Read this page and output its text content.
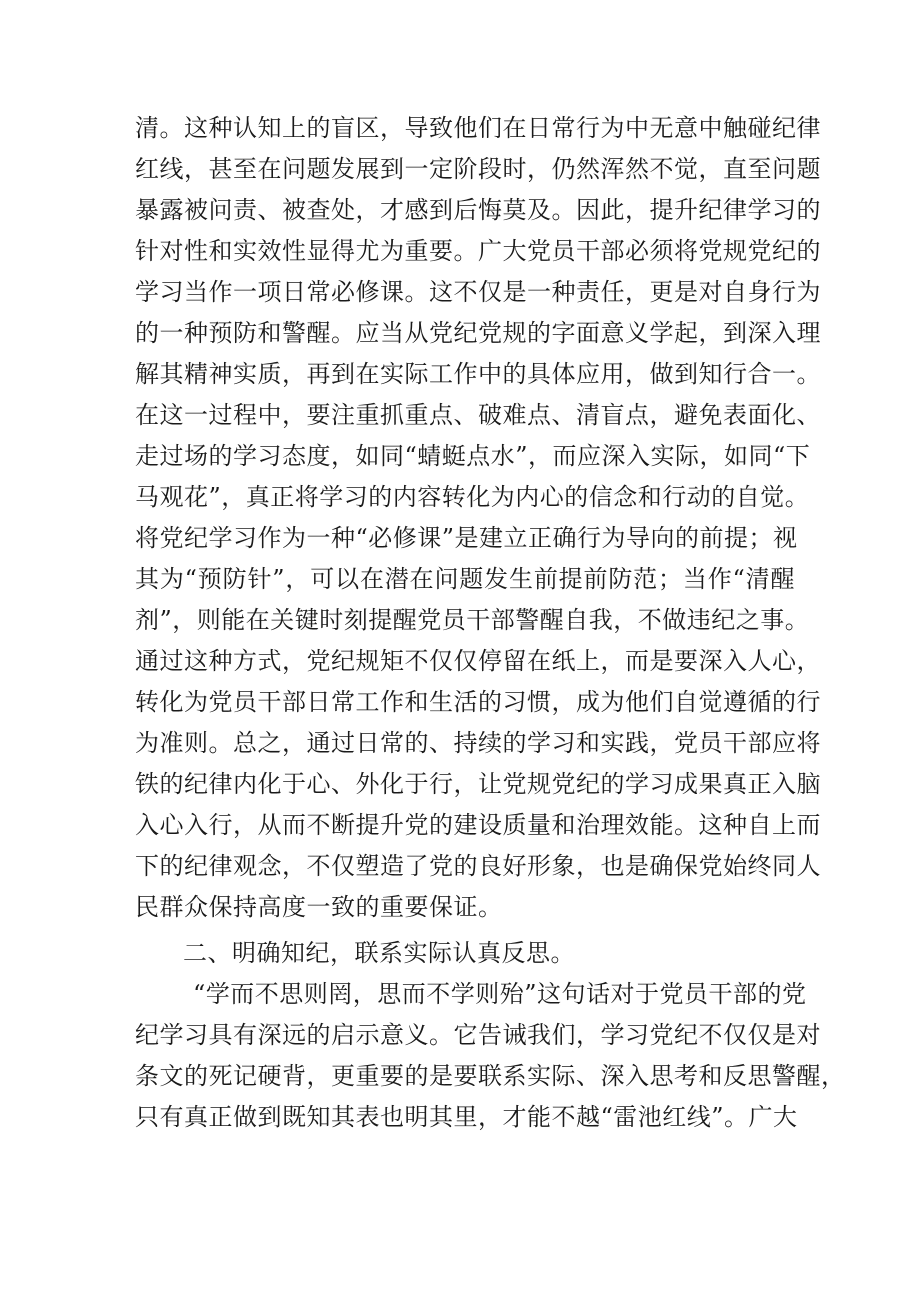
清。这种认知上的盲区，导致他们在日常行为中无意中触碰纪律
红线，甚至在问题发展到一定阶段时，仍然浑然不觉，直至问题
暴露被问责、被查处，才感到后悔莫及。因此，提升纪律学习的
针对性和实效性显得尤为重要。广大党员干部必须将党规党纪的
学习当作一项日常必修课。这不仅是一种责任，更是对自身行为
的一种预防和警醒。应当从党纪党规的字面意义学起，到深入理
解其精神实质，再到在实际工作中的具体应用，做到知行合一。
在这一过程中，要注重抓重点、破难点、清盲点，避免表面化、
走过场的学习态度，如同“蜻蜓点水”，而应深入实际，如同“下
马观花”，真正将学习的内容转化为内心的信念和行动的自觉。
将党纪学习作为一种“必修课”是建立正确行为导向的前提；视
其为“预防针”，可以在潜在问题发生前提前防范；当作“清醒
剂”，则能在关键时刻提醒党员干部警醒自我，不做违纪之事。
通过这种方式，党纪规矩不仅仅停留在纸上，而是要深入人心，
转化为党员干部日常工作和生活的习惯，成为他们自觉遵循的行
为准则。总之，通过日常的、持续的学习和实践，党员干部应将
铁的纪律内化于心、外化于行，让党规党纪的学习成果真正入脑
入心入行，从而不断提升党的建设质量和治理效能。这种自上而
下的纪律观念，不仅塑造了党的良好形象，也是确保党始终同人
民群众保持高度一致的重要保证。
二、明确知纪，联系实际认真反思。
“学而不思则罔，思而不学则殆”这句话对于党员干部的党
纪学习具有深远的启示意义。它告诫我们，学习党纪不仅仅是对
条文的死记硬背，更重要的是要联系实际、深入思考和反思警醒，
只有真正做到既知其表也明其里，才能不越“雷池红线”。广大
